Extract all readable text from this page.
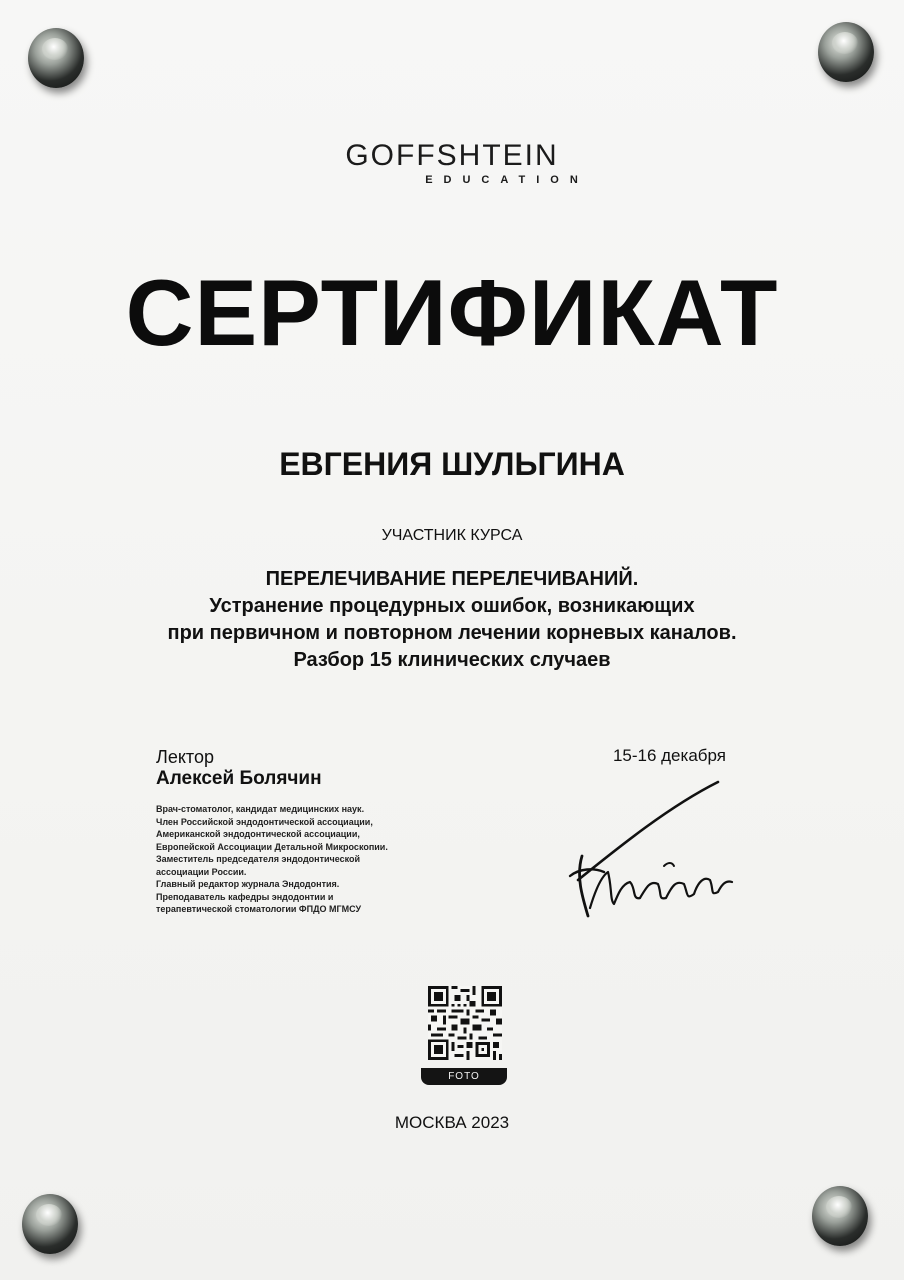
GOFFSHTEIN
EDUCATION
СЕРТИФИКАТ
ЕВГЕНИЯ ШУЛЬГИНА
УЧАСТНИК КУРСА
ПЕРЕЛЕЧИВАНИЕ ПЕРЕЛЕЧИВАНИЙ.
Устранение процедурных ошибок, возникающих
при первичном и повторном лечении корневых каналов.
Разбор 15 клинических случаев
Лектор
Алексей Болячин
Врач-стоматолог, кандидат медицинских наук.
Член Российской эндодонтической ассоциации,
Американской эндодонтической ассоциации,
Европейской Ассоциации Детальной Микроскопии.
Заместитель председателя эндодонтической
ассоциации России.
Главный редактор журнала Эндодонтия.
Преподаватель кафедры эндодонтии и
терапевтической стоматологии ФПДО МГМСУ
15-16 декабря
FOTO
МОСКВА 2023
